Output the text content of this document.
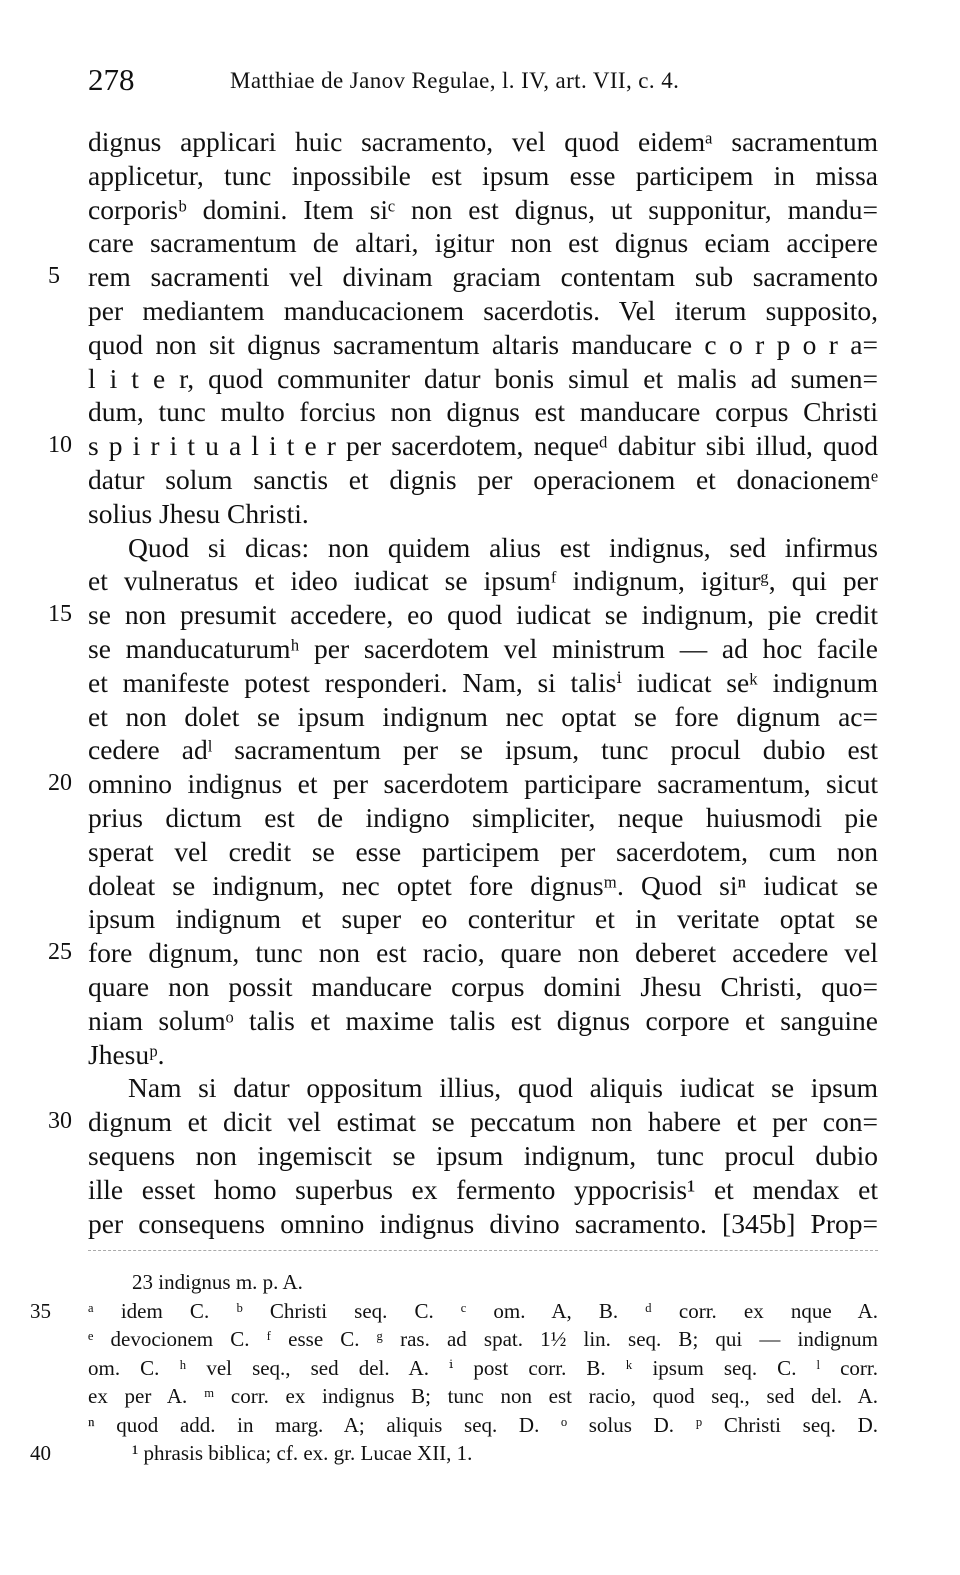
278	Matthiae de Janov Regulae, l. IV, art. VII, c. 4.
dignus applicari huic sacramento, vel quod eidemᵃ sacramentum
applicetur, tunc inpossibile est ipsum esse participem in missa
corporisᵇ domini. Item siᶜ non est dignus, ut supponitur, mandu=
care sacramentum de altari, igitur non est dignus eciam accipere
5 rem sacramenti vel divinam graciam contentam sub sacramento
per mediantem manducacionem sacerdotis. Vel iterum supposito,
quod non sit dignus sacramentum altaris manducare c o r p o r a=
l i t e r, quod communiter datur bonis simul et malis ad sumen=
dum, tunc multo forcius non dignus est manducare corpus Christi
10 s p i r i t u a l i t e r per sacerdotem, nequeᵈ dabitur sibi illud, quod
datur solum sanctis et dignis per operacionem et donacionemᵉ
solius Jhesu Christi.
Quod si dicas: non quidem alius est indignus, sed infirmus
et vulneratus et ideo iudicat se ipsumᶠ indignum, igiturᵍ, qui per
15 se non presumit accedere, eo quod iudicat se indignum, pie credit
se manducaturumʰ per sacerdotem vel ministrum — ad hoc facile
et manifeste potest responderi. Nam, si talisⁱ iudicat seᵏ indignum
et non dolet se ipsum indignum nec optat se fore dignum ac=
cedere adˡ sacramentum per se ipsum, tunc procul dubio est
20 omnino indignus et per sacerdotem participare sacramentum, sicut
prius dictum est de indigno simpliciter, neque huiusmodi pie
sperat vel credit se esse participem per sacerdotem, cum non
doleat se indignum, nec optet fore dignusᵐ. Quod siⁿ iudicat se
ipsum indignum et super eo conteritur et in veritate optat se
25 fore dignum, tunc non est racio, quare non deberet accedere vel
quare non possit manducare corpus domini Jhesu Christi, quo=
niam solumᵒ talis et maxime talis est dignus corpore et sanguine
Jhesuᵖ.
Nam si datur oppositum illius, quod aliquis iudicat se ipsum
30 dignum et dicit vel estimat se peccatum non habere et per con=
sequens non ingemiscit se ipsum indignum, tunc procul dubio
ille esset homo superbus ex fermento yppocrisis¹ et mendax et
per consequens omnino indignus divino sacramento. [345b] Prop=
23 indignus m. p. A.
35 ᵃ idem C. ᵇ Christi seq. C. ᶜ om. A, B. ᵈ corr. ex nque A.
ᵉ devocionem C. ᶠ esse C. ᵍ ras. ad spat. 1½ lin. seq. B; qui — indignum
om. C. ʰ vel seq., sed del. A. ⁱ post corr. B. ᵏ ipsum seq. C. ˡ corr.
ex per A. ᵐ corr. ex indignus B; tunc non est racio, quod seq., sed del. A.
ⁿ quod add. in marg. A; aliquis seq. D. ᵒ solus D. ᵖ Christi seq. D.
40	¹ phrasis biblica; cf. ex. gr. Lucae XII, 1.
